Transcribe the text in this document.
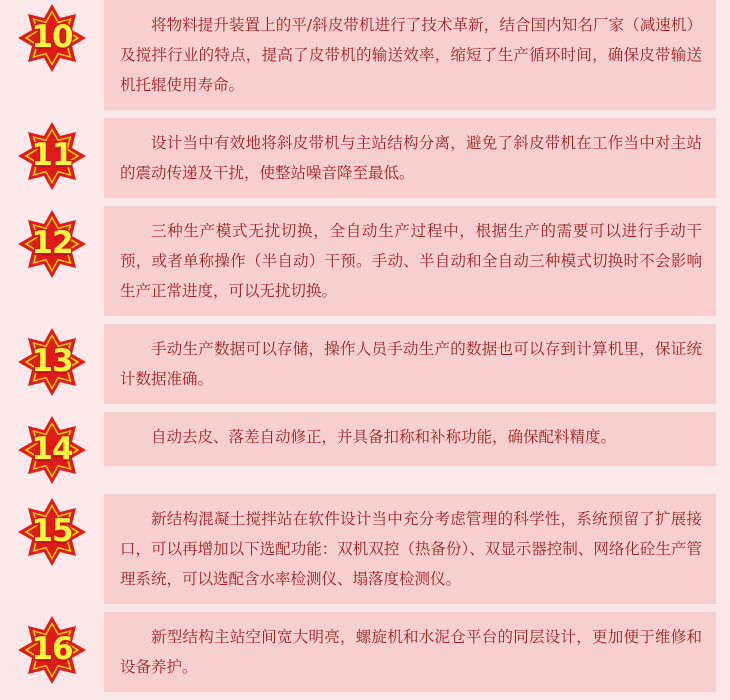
10	将物料提升装置上的平/斜皮带机进行了技术革新，结合国内知名厂家（减速机）及搅拌行业的特点，提高了皮带机的输送效率，缩短了生产循环时间，确保皮带输送机托辊使用寿命。

11	设计当中有效地将斜皮带机与主站结构分离，避免了斜皮带机在工作当中对主站的震动传递及干扰，使整站噪音降至最低。

12	三种生产模式无扰切换，全自动生产过程中，根据生产的需要可以进行手动干预，或者单称操作（半自动）干预。手动、半自动和全自动三种模式切换时不会影响生产正常进度，可以无扰切换。

13	手动生产数据可以存储，操作人员手动生产的数据也可以存到计算机里，保证统计数据准确。

14	自动去皮、落差自动修正，并具备扣称和补称功能，确保配料精度。

15	新结构混凝土搅拌站在软件设计当中充分考虑管理的科学性，系统预留了扩展接口，可以再增加以下选配功能：双机双控（热备份）、双显示器控制、网络化砼生产管理系统，可以选配含水率检测仪、塌落度检测仪。

16	新型结构主站空间宽大明亮，螺旋机和水泥仓平台的同层设计，更加便于维修和设备养护。
